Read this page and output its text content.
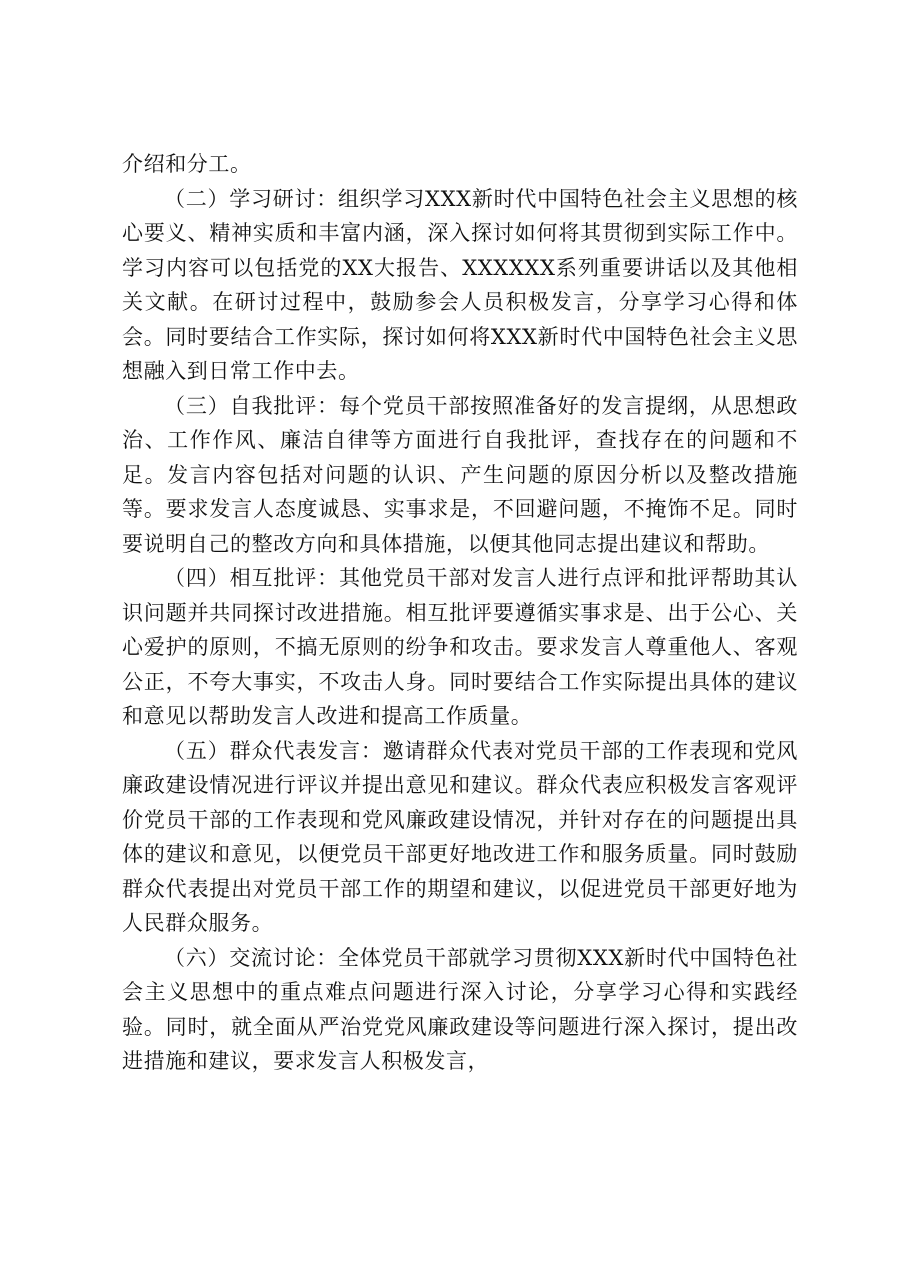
介绍和分工。

（二）学习研讨：组织学习XXX新时代中国特色社会主义思想的核心要义、精神实质和丰富内涵，深入探讨如何将其贯彻到实际工作中。学习内容可以包括党的XX大报告、XXXXXX系列重要讲话以及其他相关文献。在研讨过程中，鼓励参会人员积极发言，分享学习心得和体会。同时要结合工作实际，探讨如何将XXX新时代中国特色社会主义思想融入到日常工作中去。

（三）自我批评：每个党员干部按照准备好的发言提纲，从思想政治、工作作风、廉洁自律等方面进行自我批评，查找存在的问题和不足。发言内容包括对问题的认识、产生问题的原因分析以及整改措施等。要求发言人态度诚恳、实事求是，不回避问题，不掩饰不足。同时要说明自己的整改方向和具体措施，以便其他同志提出建议和帮助。

（四）相互批评：其他党员干部对发言人进行点评和批评帮助其认识问题并共同探讨改进措施。相互批评要遵循实事求是、出于公心、关心爱护的原则，不搞无原则的纷争和攻击。要求发言人尊重他人、客观公正，不夸大事实，不攻击人身。同时要结合工作实际提出具体的建议和意见以帮助发言人改进和提高工作质量。

（五）群众代表发言：邀请群众代表对党员干部的工作表现和党风廉政建设情况进行评议并提出意见和建议。群众代表应积极发言客观评价党员干部的工作表现和党风廉政建设情况，并针对存在的问题提出具体的建议和意见，以便党员干部更好地改进工作和服务质量。同时鼓励群众代表提出对党员干部工作的期望和建议，以促进党员干部更好地为人民群众服务。

（六）交流讨论：全体党员干部就学习贯彻XXX新时代中国特色社会主义思想中的重点难点问题进行深入讨论，分享学习心得和实践经验。同时，就全面从严治党党风廉政建设等问题进行深入探讨，提出改进措施和建议，要求发言人积极发言，
